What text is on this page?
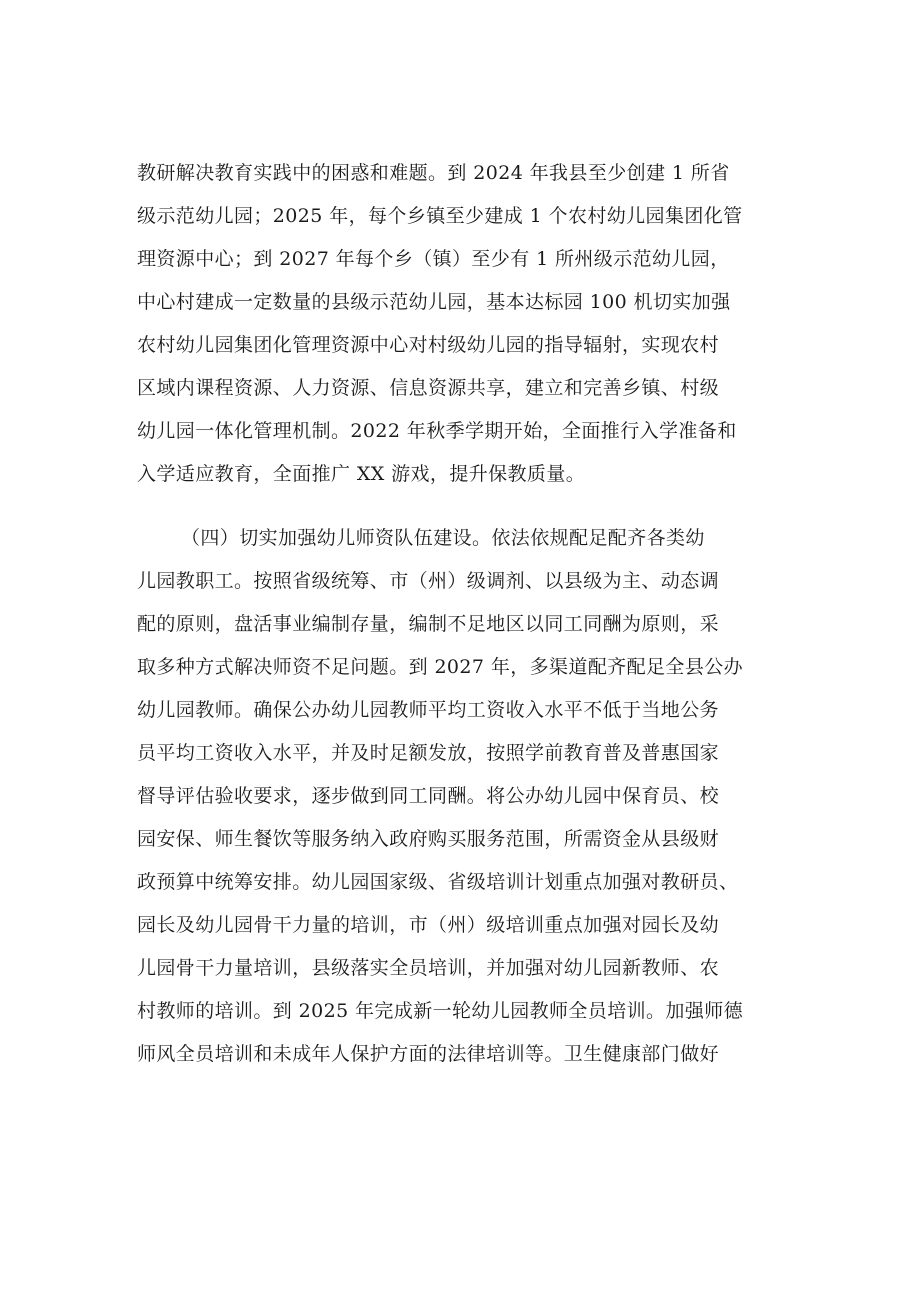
教研解决教育实践中的困惑和难题。到 2024 年我县至少创建 1 所省
级示范幼儿园；2025 年，每个乡镇至少建成 1 个农村幼儿园集团化管
理资源中心；到 2027 年每个乡（镇）至少有 1 所州级示范幼儿园，
中心村建成一定数量的县级示范幼儿园，基本达标园 100 机切实加强
农村幼儿园集团化管理资源中心对村级幼儿园的指导辐射，实现农村
区域内课程资源、人力资源、信息资源共享，建立和完善乡镇、村级
幼儿园一体化管理机制。2022 年秋季学期开始，全面推行入学准备和
入学适应教育，全面推广 XX 游戏，提升保教质量。
（四）切实加强幼儿师资队伍建设。依法依规配足配齐各类幼
儿园教职工。按照省级统筹、市（州）级调剂、以县级为主、动态调
配的原则，盘活事业编制存量，编制不足地区以同工同酬为原则，采
取多种方式解决师资不足问题。到 2027 年，多渠道配齐配足全县公办
幼儿园教师。确保公办幼儿园教师平均工资收入水平不低于当地公务
员平均工资收入水平，并及时足额发放，按照学前教育普及普惠国家
督导评估验收要求，逐步做到同工同酬。将公办幼儿园中保育员、校
园安保、师生餐饮等服务纳入政府购买服务范围，所需资金从县级财
政预算中统筹安排。幼儿园国家级、省级培训计划重点加强对教研员、
园长及幼儿园骨干力量的培训，市（州）级培训重点加强对园长及幼
儿园骨干力量培训，县级落实全员培训，并加强对幼儿园新教师、农
村教师的培训。到 2025 年完成新一轮幼儿园教师全员培训。加强师德
师风全员培训和未成年人保护方面的法律培训等。卫生健康部门做好
